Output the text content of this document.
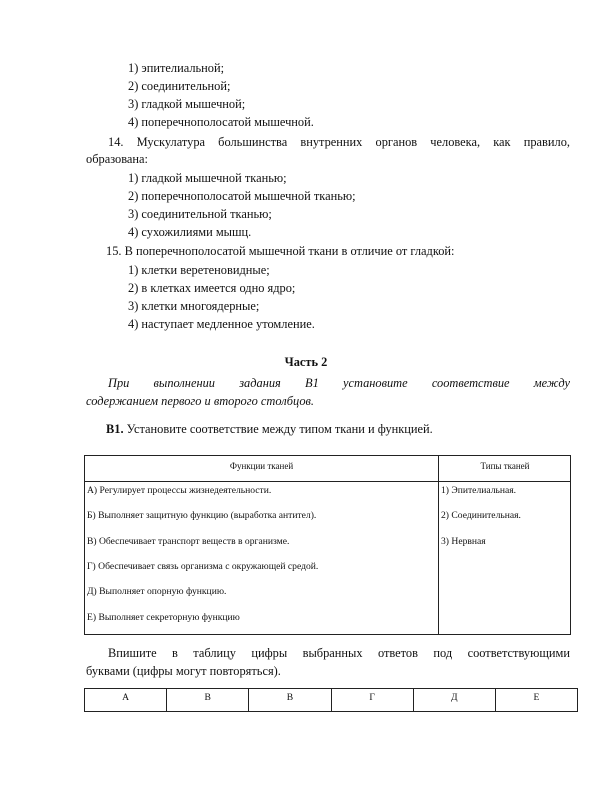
1) эпителиальной;
2) соединительной;
3) гладкой мышечной;
4) поперечнополосатой мышечной.
14. Мускулатура большинства внутренних органов человека, как правило,
образована:
1) гладкой мышечной тканью;
2) поперечнополосатой мышечной тканью;
3) соединительной тканью;
4) сухожилиями мышц.
15. В поперечнополосатой мышечной ткани в отличие от гладкой:
1) клетки веретеновидные;
2) в клетках имеется одно ядро;
3) клетки многоядерные;
4) наступает медленное утомление.
Часть 2
При выполнении задания В1 установите соответствие между
содержанием первого и второго столбцов.
В1. Установите соответствие между типом ткани и функцией.
Функции тканей	Типы тканей
А) Регулирует процессы жизнедеятельности.
Б) Выполняет защитную функцию (выработка антител).
В) Обеспечивает транспорт веществ в организме.
Г) Обеспечивает связь организма с окружающей средой.
Д) Выполняет опорную функцию.
Е) Выполняет секреторную функцию
1) Эпителиальная.
2) Соединительная.
3) Нервная
Впишите в таблицу цифры выбранных ответов под соответствующими
буквами (цифры могут повторяться).
А	В	В	Г	Д	Е
